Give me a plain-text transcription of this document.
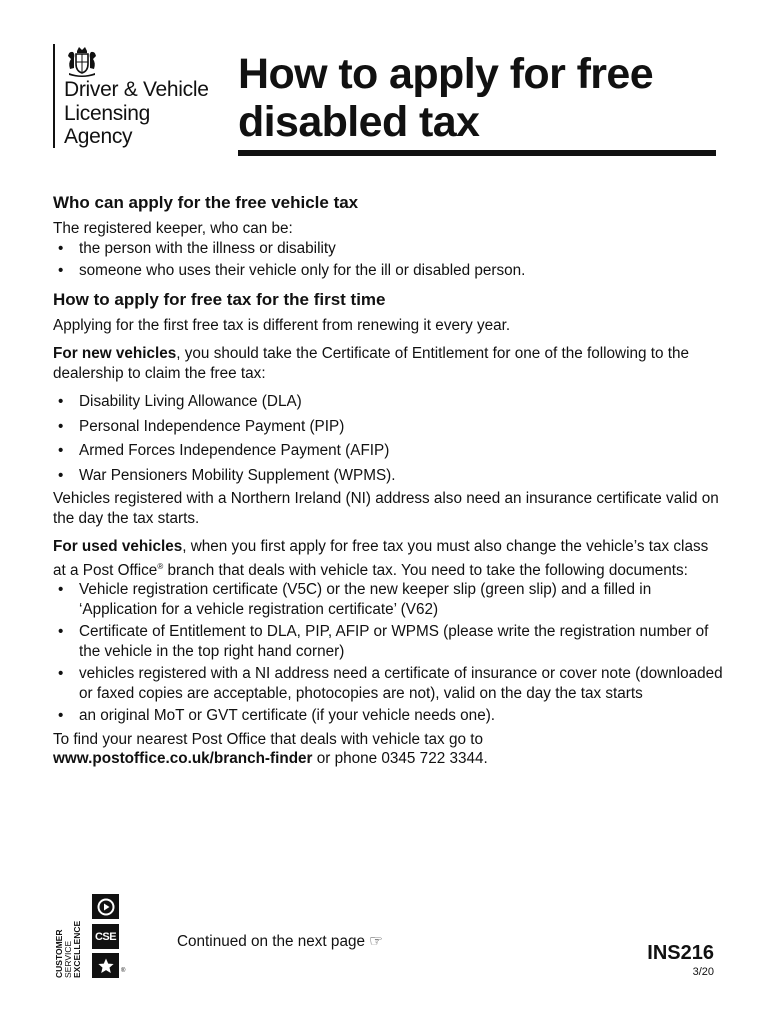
Driver & Vehicle
Licensing
Agency
How to apply for free
disabled tax
Who can apply for the free vehicle tax

The registered keeper, who can be:

• the person with the illness or disability
• someone who uses their vehicle only for the ill or disabled person.
How to apply for free tax for the first time

Applying for the first free tax is different from renewing it every year.

For new vehicles, you should take the Certificate of Entitlement for one of the following to the dealership to claim the free tax:

• Disability Living Allowance (DLA)
• Personal Independence Payment (PIP)
• Armed Forces Independence Payment (AFIP)
• War Pensioners Mobility Supplement (WPMS).

Vehicles registered with a Northern Ireland (NI) address also need an insurance certificate valid on the day the tax starts.

For used vehicles, when you first apply for free tax you must also change the vehicle’s tax class at a Post Office® branch that deals with vehicle tax. You need to take the following documents:

• Vehicle registration certificate (V5C) or the new keeper slip (green slip) and a filled in ‘Application for a vehicle registration certificate’ (V62)
• Certificate of Entitlement to DLA, PIP, AFIP or WPMS (please write the registration number of the vehicle in the top right hand corner)
• vehicles registered with a NI address need a certificate of insurance or cover note (downloaded or faxed copies are acceptable, photocopies are not), valid on the day the tax starts
• an original MoT or GVT certificate (if your vehicle needs one).

To find your nearest Post Office that deals with vehicle tax go to
www.postoffice.co.uk/branch-finder or phone 0345 722 3344.

CUSTOMER SERVICE EXCELLENCE CSE
®
Continued on the next page ☞
INS216
3/20
